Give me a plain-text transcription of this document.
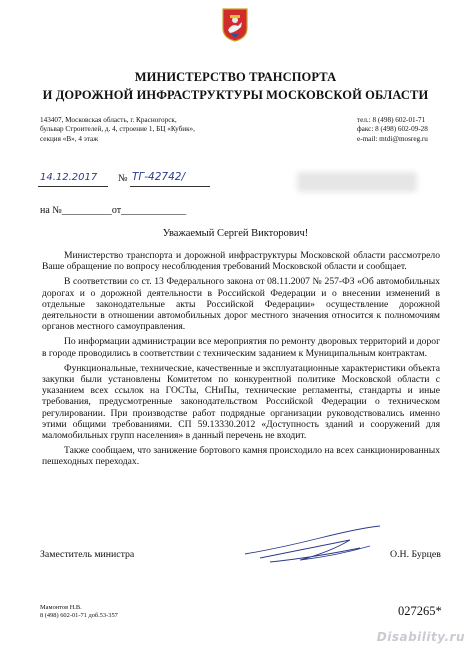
МИНИСТЕРСТВО ТРАНСПОРТА
И ДОРОЖНОЙ ИНФРАСТРУКТУРЫ МОСКОВСКОЙ ОБЛАСТИ
143407, Московская область, г. Красногорск,
бульвар Строителей, д. 4, строение 1, БЦ «Кубик»,
секция «В», 4 этаж
тел.: 8 (498) 602-01-71
факс: 8 (498) 602-09-28
e-mail: mtdi@mosreg.ru
14.12.2017 № ТГ-42742/
на №__________от_____________
Уважаемый Сергей Викторович!

Министерство транспорта и дорожной инфраструктуры Московской области рассмотрело Ваше обращение по вопросу несоблюдения требований Московской области и сообщает.

В соответствии со ст. 13 Федерального закона от 08.11.2007 № 257-ФЗ «Об автомобильных дорогах и о дорожной деятельности в Российской Федерации и о внесении изменений в отдельные законодательные акты Российской Федерации» осуществление дорожной деятельности в отношении автомобильных дорог местного значения относится к полномочиям органов местного самоуправления.

По информации администрации все мероприятия по ремонту дворовых территорий и дорог в городе проводились в соответствии с техническим заданием к Муниципальным контрактам.

Функциональные, технические, качественные и эксплуатационные характеристики объекта закупки были установлены Комитетом по конкурентной политике Московской области с указанием всех ссылок на ГОСТы, СНиПы, технические регламенты, стандарты и иные требования, предусмотренные законодательством Российской Федерации о техническом регулировании. При производстве работ подрядные организации руководствовались именно этими общими требованиями. СП 59.13330.2012 «Доступность зданий и сооружений для маломобильных групп населения» в данный перечень не входит.

Также сообщаем, что занижение бортового камня происходило на всех санкционированных пешеходных переходах.

Заместитель министра	О.Н. Бурцев
Мамонтов Н.В.
8 (498) 602-01-71 доб.53-357	027265*
Disability.ru
